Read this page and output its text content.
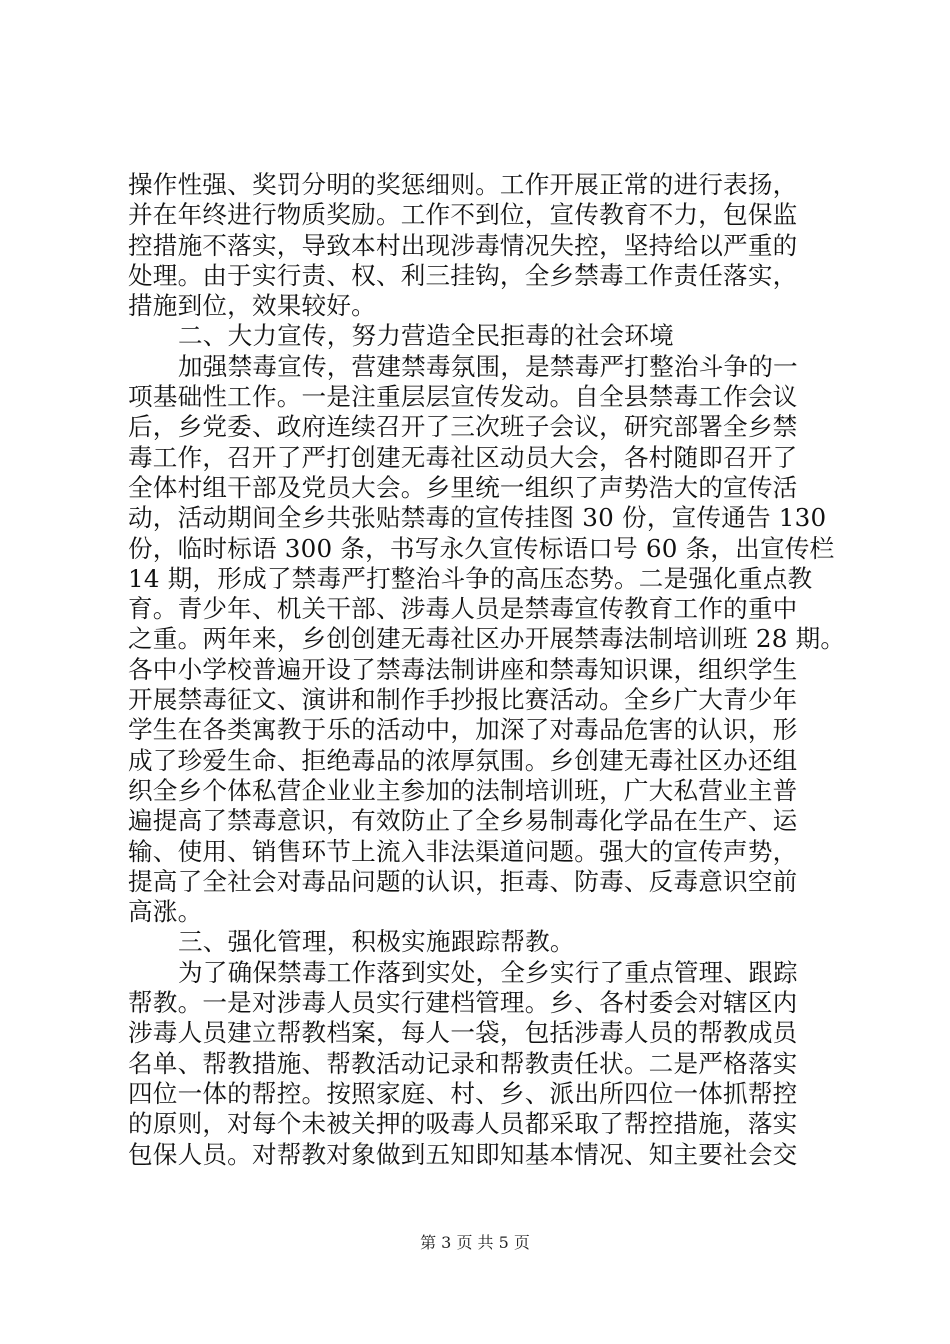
操作性强、奖罚分明的奖惩细则。工作开展正常的进行表扬，
并在年终进行物质奖励。工作不到位，宣传教育不力，包保监
控措施不落实，导致本村出现涉毒情况失控，坚持给以严重的
处理。由于实行责、权、利三挂钩，全乡禁毒工作责任落实，
措施到位，效果较好。
二、大力宣传，努力营造全民拒毒的社会环境
加强禁毒宣传，营建禁毒氛围，是禁毒严打整治斗争的一
项基础性工作。一是注重层层宣传发动。自全县禁毒工作会议
后，乡党委、政府连续召开了三次班子会议，研究部署全乡禁
毒工作，召开了严打创建无毒社区动员大会，各村随即召开了
全体村组干部及党员大会。乡里统一组织了声势浩大的宣传活
动，活动期间全乡共张贴禁毒的宣传挂图 30 份，宣传通告 130
份，临时标语 300 条，书写永久宣传标语口号 60 条，出宣传栏
14 期，形成了禁毒严打整治斗争的高压态势。二是强化重点教
育。青少年、机关干部、涉毒人员是禁毒宣传教育工作的重中
之重。两年来，乡创创建无毒社区办开展禁毒法制培训班 28 期。
各中小学校普遍开设了禁毒法制讲座和禁毒知识课，组织学生
开展禁毒征文、演讲和制作手抄报比赛活动。全乡广大青少年
学生在各类寓教于乐的活动中，加深了对毒品危害的认识，形
成了珍爱生命、拒绝毒品的浓厚氛围。乡创建无毒社区办还组
织全乡个体私营企业业主参加的法制培训班，广大私营业主普
遍提高了禁毒意识，有效防止了全乡易制毒化学品在生产、运
输、使用、销售环节上流入非法渠道问题。强大的宣传声势，
提高了全社会对毒品问题的认识，拒毒、防毒、反毒意识空前
高涨。
三、强化管理，积极实施跟踪帮教。
为了确保禁毒工作落到实处，全乡实行了重点管理、跟踪
帮教。一是对涉毒人员实行建档管理。乡、各村委会对辖区内
涉毒人员建立帮教档案，每人一袋，包括涉毒人员的帮教成员
名单、帮教措施、帮教活动记录和帮教责任状。二是严格落实
四位一体的帮控。按照家庭、村、乡、派出所四位一体抓帮控
的原则，对每个未被关押的吸毒人员都采取了帮控措施，落实
包保人员。对帮教对象做到五知即知基本情况、知主要社会交
第 3 页 共 5 页
